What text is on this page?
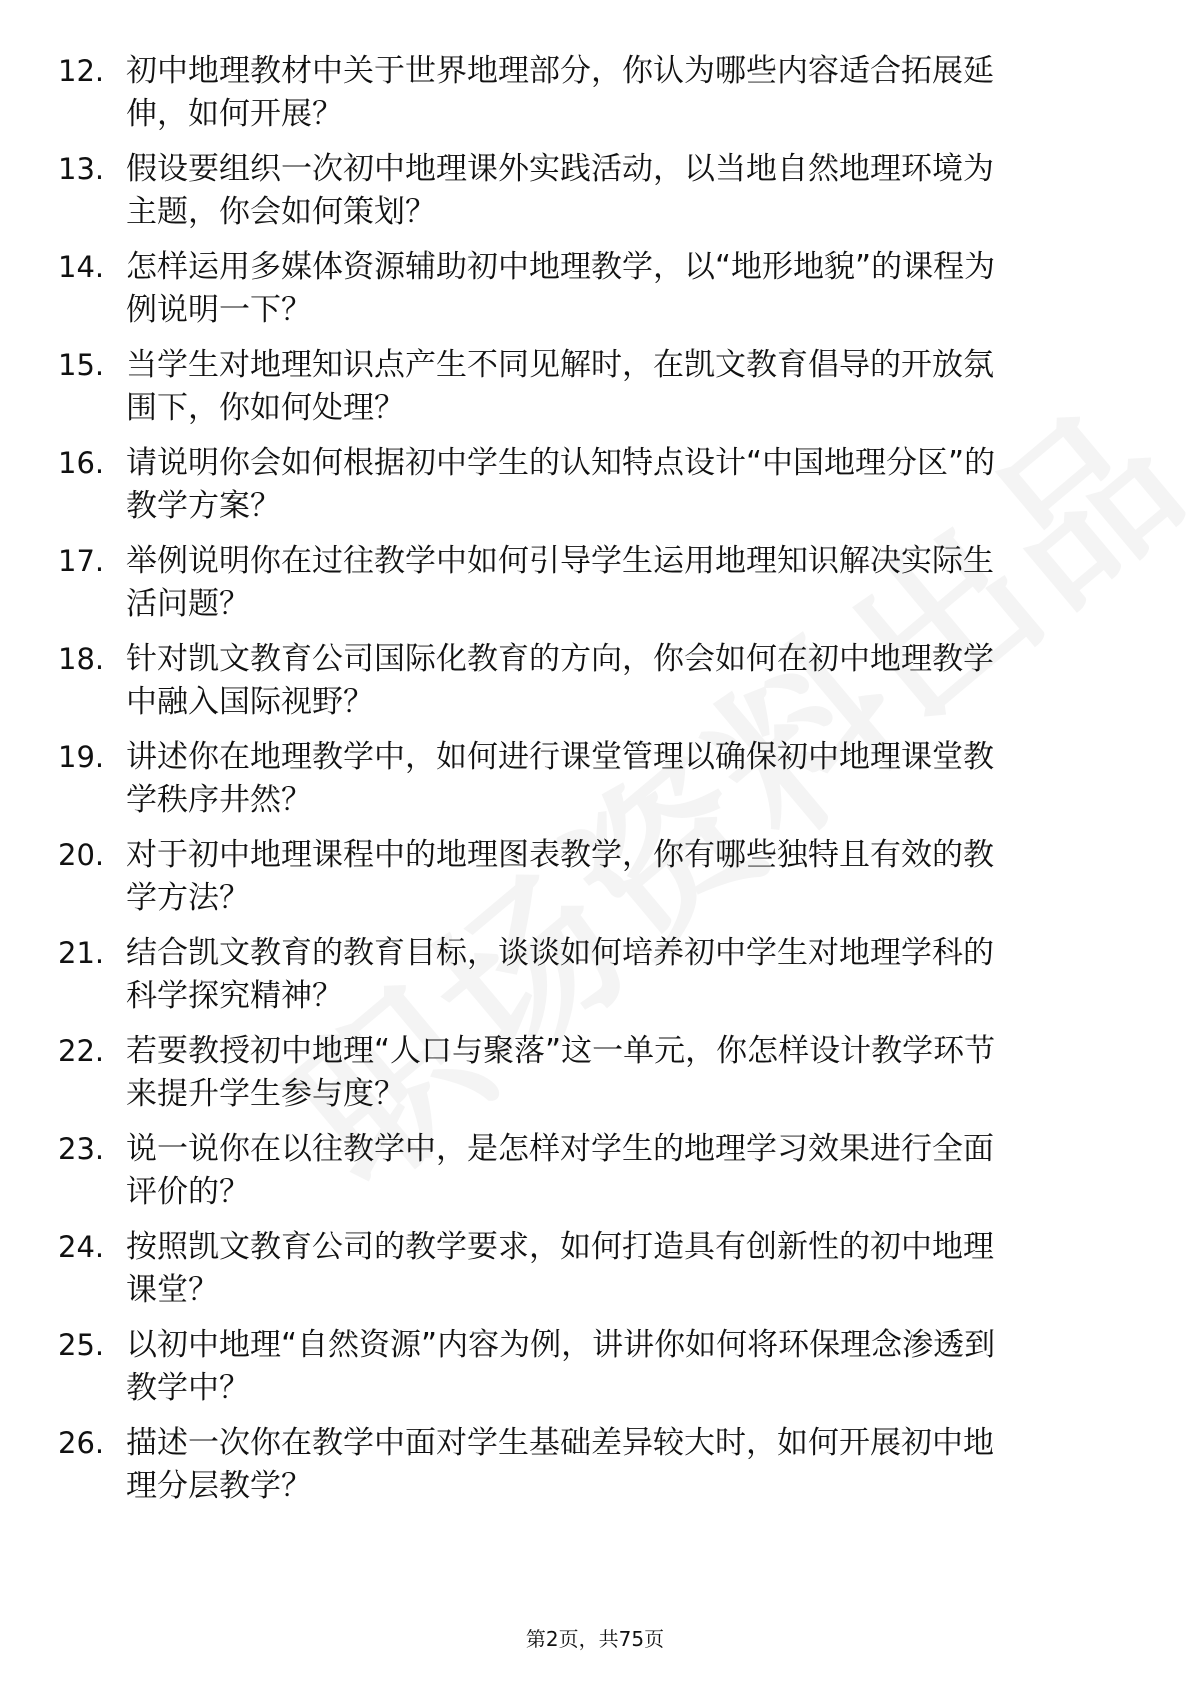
12. 初中地理教材中关于世界地理部分，你认为哪些内容适合拓展延
伸，如何开展？
13. 假设要组织一次初中地理课外实践活动，以当地自然地理环境为
主题，你会如何策划？
14. 怎样运用多媒体资源辅助初中地理教学，以“地形地貌”的课程为
例说明一下？
15. 当学生对地理知识点产生不同见解时，在凯文教育倡导的开放氛
围下，你如何处理？
16. 请说明你会如何根据初中学生的认知特点设计“中国地理分区”的
教学方案？
17. 举例说明你在过往教学中如何引导学生运用地理知识解决实际生
活问题？
18. 针对凯文教育公司国际化教育的方向，你会如何在初中地理教学
中融入国际视野？
19. 讲述你在地理教学中，如何进行课堂管理以确保初中地理课堂教
学秩序井然？
20. 对于初中地理课程中的地理图表教学，你有哪些独特且有效的教
学方法？
21. 结合凯文教育的教育目标，谈谈如何培养初中学生对地理学科的
科学探究精神？
22. 若要教授初中地理“人口与聚落”这一单元，你怎样设计教学环节
来提升学生参与度？
23. 说一说你在以往教学中，是怎样对学生的地理学习效果进行全面
评价的？
24. 按照凯文教育公司的教学要求，如何打造具有创新性的初中地理
课堂？
25. 以初中地理“自然资源”内容为例，讲讲你如何将环保理念渗透到
教学中？
26. 描述一次你在教学中面对学生基础差异较大时，如何开展初中地
理分层教学？
第2页，共75页
